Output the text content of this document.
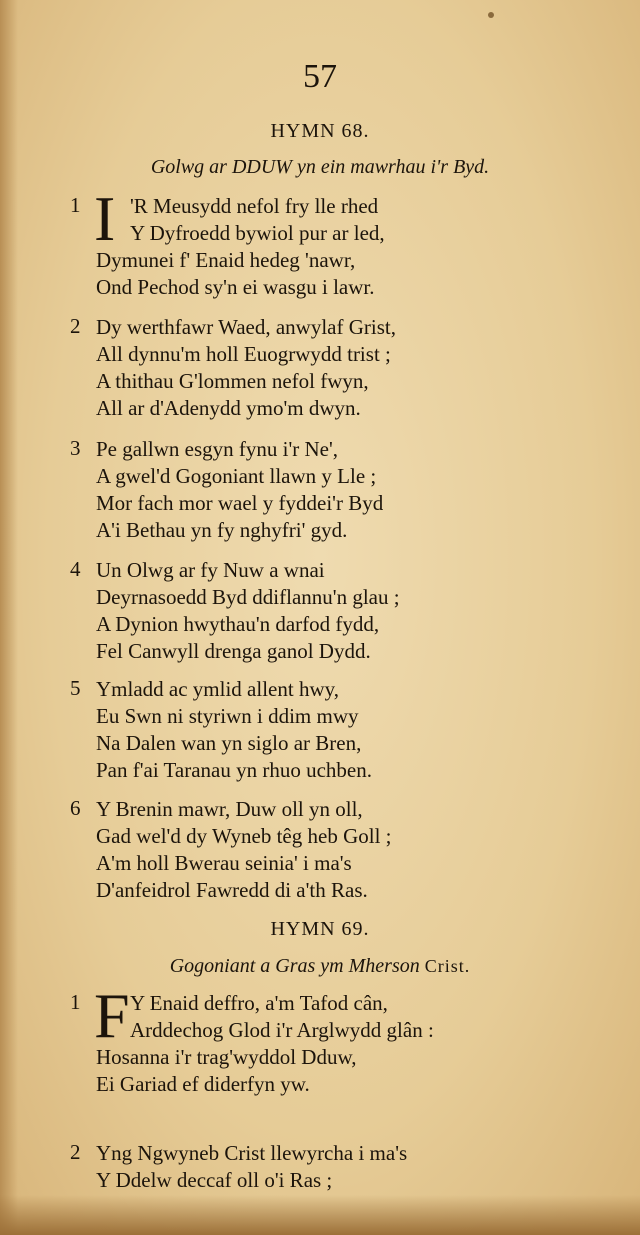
57
HYMN 68.
Golwg ar DDUW yn ein mawrhau i'r Byd.
1 I 'R Meusydd nefol fry lle rhed
Y Dyfroedd bywiol pur ar led,
Dymunei f' Enaid hedeg 'nawr,
Ond Pechod sy'n ei wasgu i lawr.
2 Dy werthfawr Waed, anwylaf Grist,
All dynnu'm holl Euogrwydd trist ;
A thithau G'lommen nefol fwyn,
All ar d'Adenydd ymo'm dwyn.
3 Pe gallwn esgyn fynu i'r Ne',
A gwel'd Gogoniant llawn y Lle ;
Mor fach mor wael y fyddei'r Byd
A'i Bethau yn fy nghyfri' gyd.
4 Un Olwg ar fy Nuw a wnai
Deyrnasoedd Byd ddiflannu'n glau ;
A Dynion hwythau'n darfod fydd,
Fel Canwyll drenga ganol Dydd.
5 Ymladd ac ymlid allent hwy,
Eu Swn ni styriwn i ddim mwy
Na Dalen wan yn siglo ar Bren,
Pan f'ai Taranau yn rhuo uchben.
6 Y Brenin mawr, Duw oll yn oll,
Gad wel'd dy Wyneb têg heb Goll ;
A'm holl Bwerau seinia' i ma's
D'anfeidrol Fawredd di a'th Ras.
HYMN 69.
Gogoniant a Gras ym Mherson Crist.
1 F Y Enaid deffro, a'm Tafod cân,
Arddechog Glod i'r Arglwydd glân :
Hosanna i'r trag'wyddol Dduw,
Ei Gariad ef diderfyn yw.
2 Yng Ngwyneb Crist llewyrcha i ma's
Y Ddelw deccaf oll o'i Ras ;
